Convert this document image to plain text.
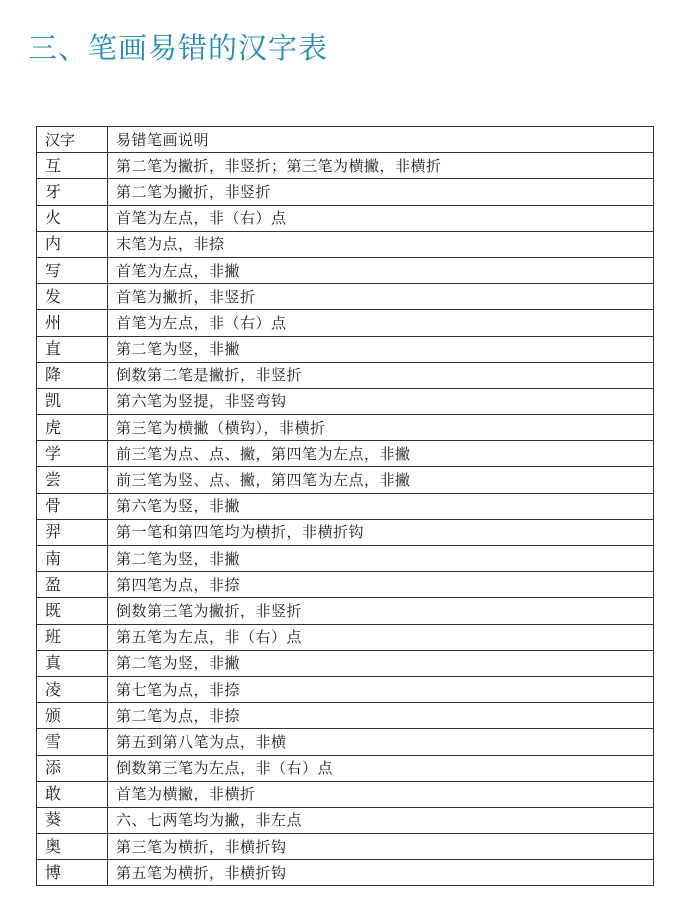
三、笔画易错的汉字表
汉字	易错笔画说明
互	第二笔为撇折，非竖折；第三笔为横撇，非横折
牙	第二笔为撇折，非竖折
火	首笔为左点，非（右）点
内	末笔为点，非捺
写	首笔为左点，非撇
发	首笔为撇折，非竖折
州	首笔为左点，非（右）点
直	第二笔为竖，非撇
降	倒数第二笔是撇折，非竖折
凯	第六笔为竖提，非竖弯钩
虎	第三笔为横撇（横钩），非横折
学	前三笔为点、点、撇，第四笔为左点，非撇
尝	前三笔为竖、点、撇，第四笔为左点，非撇
骨	第六笔为竖，非撇
羿	第一笔和第四笔均为横折，非横折钩
南	第二笔为竖，非撇
盈	第四笔为点，非捺
既	倒数第三笔为撇折，非竖折
班	第五笔为左点，非（右）点
真	第二笔为竖，非撇
凌	第七笔为点，非捺
颁	第二笔为点，非捺
雪	第五到第八笔为点，非横
添	倒数第三笔为左点，非（右）点
敢	首笔为横撇，非横折
葵	六、七两笔均为撇，非左点
奥	第三笔为横折，非横折钩
博	第五笔为横折，非横折钩
